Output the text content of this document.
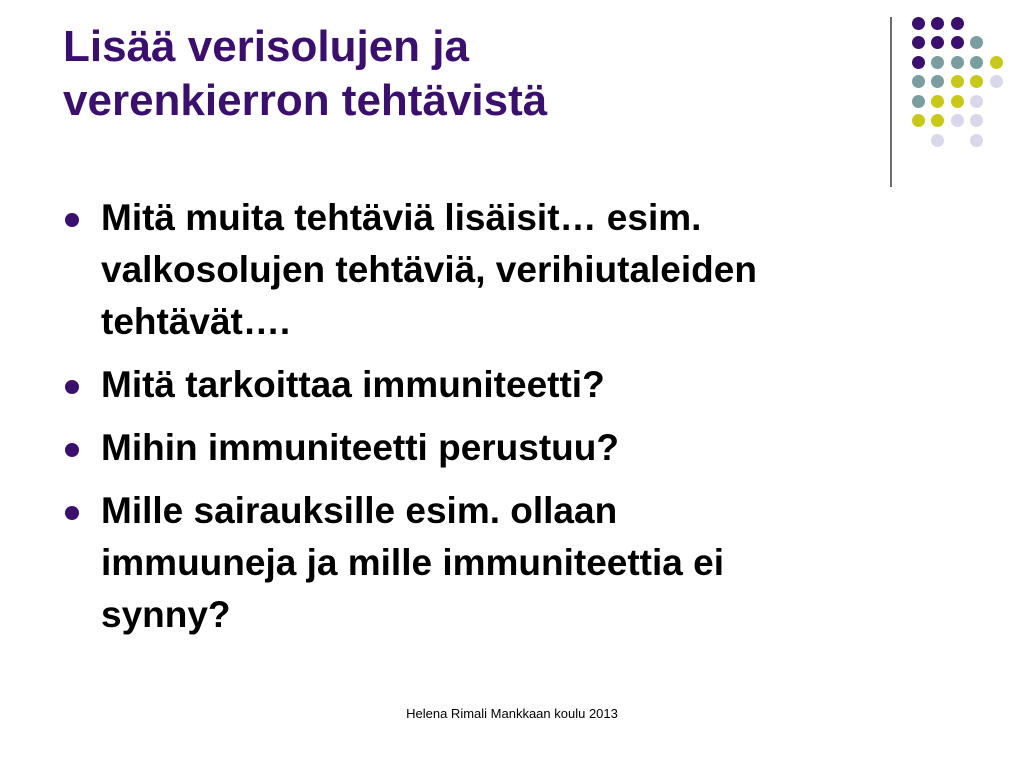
Lisää verisolujen ja
verenkierron tehtävistä
Mitä muita tehtäviä lisäisit… esim.
valkosolujen tehtäviä, verihiutaleiden
tehtävät….
Mitä tarkoittaa immuniteetti?
Mihin immuniteetti perustuu?
Mille sairauksille esim. ollaan
immuuneja ja mille immuniteettia ei
synny?
Helena Rimali Mankkaan koulu 2013
